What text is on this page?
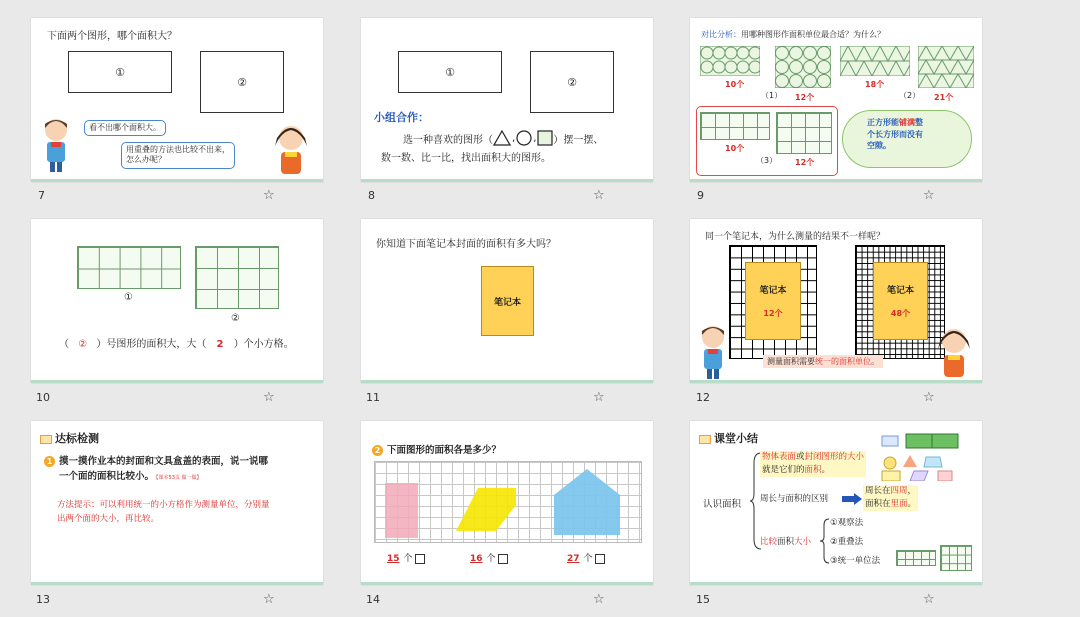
下面两个图形，哪个面积大？
①
②
看不出哪个面积大。
用重叠的方法也比较不出来，
怎么办呢？
7	☆
①
②
小组合作：
选一种喜欢的图形（ , , ）摆一摆、
数一数、比一比，找出面积大的图形。
8	☆
对比分析：用哪种图形作面积单位最合适？为什么？
10个
（1） 12个
18个
（2） 21个
10个
（3） 12个
正方形能铺满整
个长方形而没有
空隙。
9	☆
①
②
（ ② ）号图形的面积大，大（ 2 ）个小方格。
10	☆
你知道下面笔记本封面的面积有多大吗？
笔记本
11	☆
同一个笔记本，为什么测量的结果不一样呢？
笔记本
12个
笔记本
48个
测量面积需要统一的面积单位。
12	☆
达标检测
1 摸一摸作业本的封面和文具盒盖的表面，说一说哪
一个面的面积比较小。 【课本53页 做一做】
方法提示：可以利用统一的小方格作为测量单位，分别量
出两个面的大小，再比较。
13	☆
2 下面图形的面积各是多少？
15 个	16 个	27 个
14	☆
课堂小结
认识面积
物体表面或封闭图形的大小
就是它们的面积。
周长与面积的区别
周长在四周，
面积在里面。
比较面积大小
①观察法
②重叠法
③统一单位法
15	☆
